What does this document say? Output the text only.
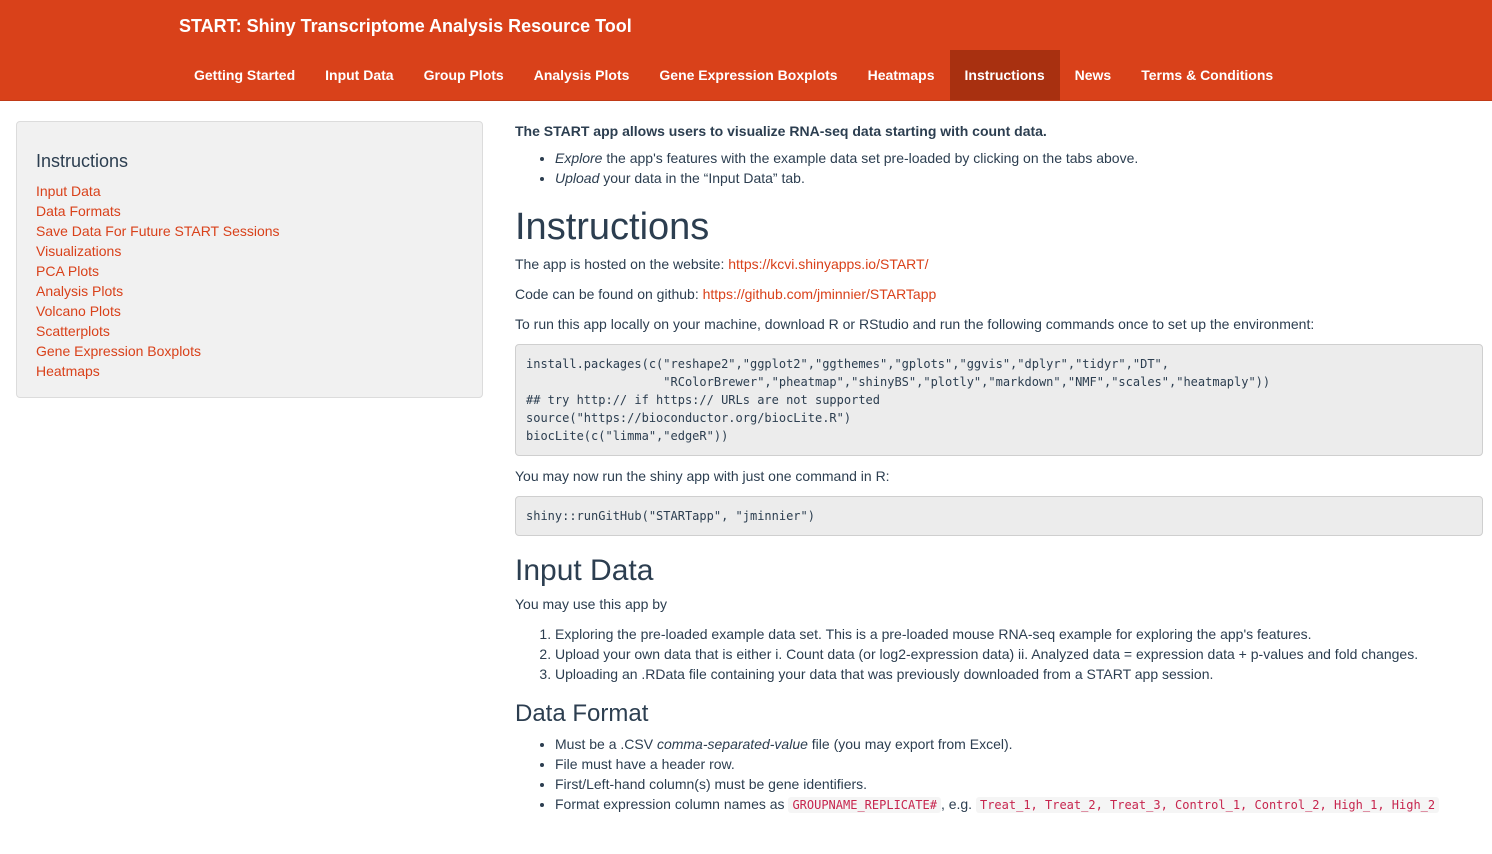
START: Shiny Transcriptome Analysis Resource Tool
Getting Started	Input Data	Group Plots	Analysis Plots	Gene Expression Boxplots	Heatmaps	Instructions	News	Terms & Conditions
Instructions
Input Data
Data Formats
Save Data For Future START Sessions
Visualizations
PCA Plots
Analysis Plots
Volcano Plots
Scatterplots
Gene Expression Boxplots
Heatmaps

The START app allows users to visualize RNA-seq data starting with count data.

• Explore the app's features with the example data set pre-loaded by clicking on the tabs above.
• Upload your data in the “Input Data” tab.
Instructions

The app is hosted on the website: https://kcvi.shinyapps.io/START/

Code can be found on github: https://github.com/jminnier/STARTapp

To run this app locally on your machine, download R or RStudio and run the following commands once to set up the environment:

install.packages(c("reshape2","ggplot2","ggthemes","gplots","ggvis","dplyr","tidyr","DT",
"RColorBrewer","pheatmap","shinyBS","plotly","markdown","NMF","scales","heatmaply"))
## try http:// if https:// URLs are not supported
source("https://bioconductor.org/biocLite.R")
biocLite(c("limma","edgeR"))

You may now run the shiny app with just one command in R:

shiny::runGitHub("STARTapp", "jminnier")
Input Data

You may use this app by

1. Exploring the pre-loaded example data set. This is a pre-loaded mouse RNA-seq example for exploring the app's features.
2. Upload your own data that is either i. Count data (or log2-expression data) ii. Analyzed data = expression data + p-values and fold changes.
3. Uploading an .RData file containing your data that was previously downloaded from a START app session.
Data Format
• Must be a .CSV comma-separated-value file (you may export from Excel).
• File must have a header row.
• First/Left-hand column(s) must be gene identifiers.
• Format expression column names as GROUPNAME_REPLICATE# , e.g. Treat_1, Treat_2, Treat_3, Control_1, Control_2, High_1, High_2
